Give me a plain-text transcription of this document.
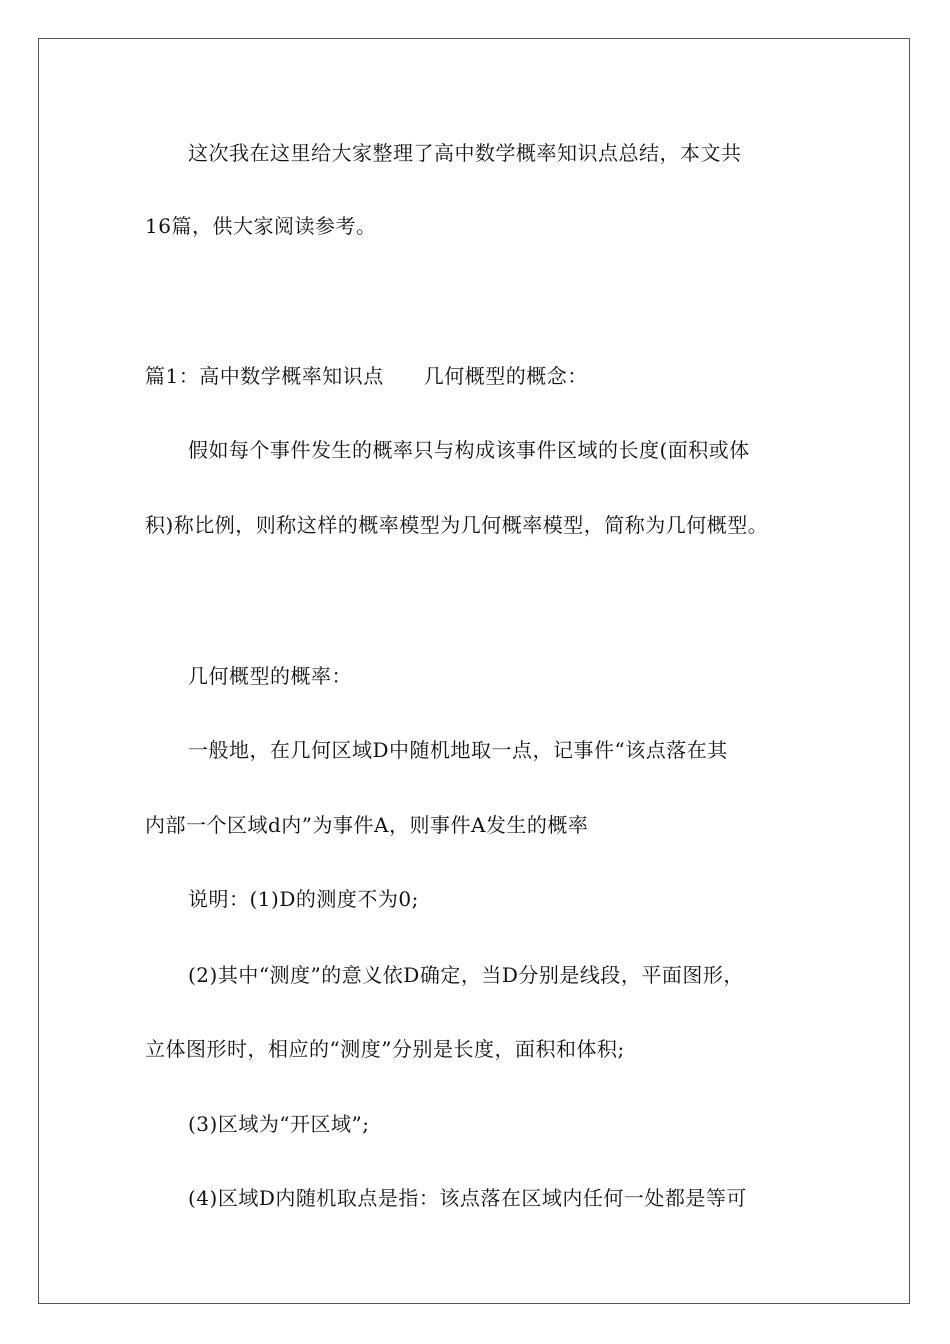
这次我在这里给大家整理了高中数学概率知识点总结，本文共
16篇，供大家阅读参考。
篇1：高中数学概率知识点 几何概型的概念：
假如每个事件发生的概率只与构成该事件区域的长度(面积或体
积)称比例，则称这样的概率模型为几何概率模型，简称为几何概型。
几何概型的概率：
一般地，在几何区域D中随机地取一点，记事件“该点落在其
内部一个区域d内”为事件A，则事件A发生的概率
说明：(1)D的测度不为0;
(2)其中“测度”的意义依D确定，当D分别是线段，平面图形，
立体图形时，相应的“测度”分别是长度，面积和体积;
(3)区域为“开区域”;
(4)区域D内随机取点是指：该点落在区域内任何一处都是等可
